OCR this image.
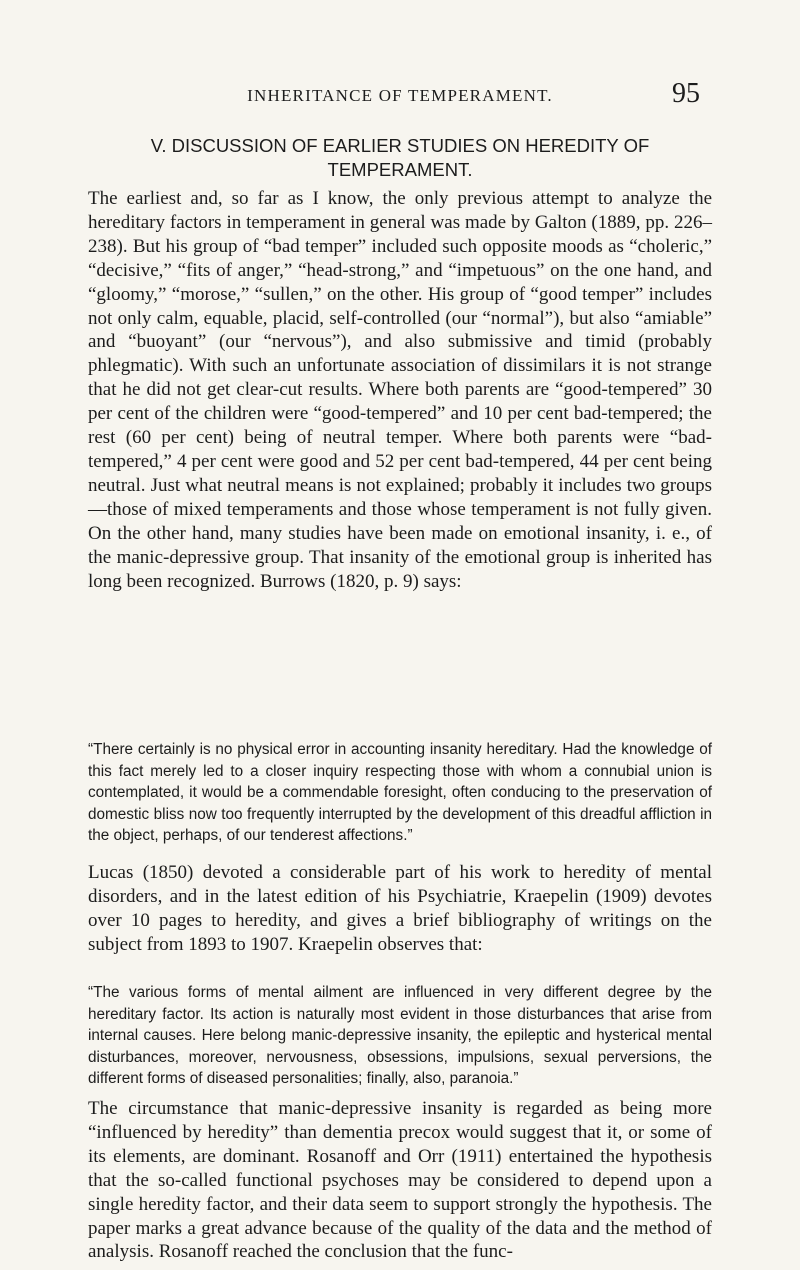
INHERITANCE OF TEMPERAMENT.	95
V. DISCUSSION OF EARLIER STUDIES ON HEREDITY OF
TEMPERAMENT.

The earliest and, so far as I know, the only previous attempt to analyze the hereditary factors in temperament in general was made by Galton (1889, pp. 226–238). But his group of “bad temper” included such opposite moods as “choleric,” “decisive,” “fits of anger,” “head-strong,” and “impetuous” on the one hand, and “gloomy,” “morose,” “sullen,” on the other. His group of “good temper” includes not only calm, equable, placid, self-controlled (our “normal”), but also “amiable” and “buoyant” (our “nervous”), and also submissive and timid (probably phlegmatic). With such an unfortunate association of dissimilars it is not strange that he did not get clear-cut results. Where both parents are “good-tempered” 30 per cent of the children were “good-tempered” and 10 per cent bad-tempered; the rest (60 per cent) being of neutral temper. Where both parents were “bad-tempered,” 4 per cent were good and 52 per cent bad-tempered, 44 per cent being neutral. Just what neutral means is not explained; probably it includes two groups—those of mixed temperaments and those whose temperament is not fully given. On the other hand, many studies have been made on emotional insanity, i. e., of the manic-depressive group. That insanity of the emotional group is inherited has long been recognized. Burrows (1820, p. 9) says:

“There certainly is no physical error in accounting insanity hereditary. Had the knowledge of this fact merely led to a closer inquiry respecting those with whom a connubial union is contemplated, it would be a commendable foresight, often conducing to the preservation of domestic bliss now too frequently interrupted by the development of this dreadful affliction in the object, perhaps, of our tenderest affections.”

Lucas (1850) devoted a considerable part of his work to heredity of mental disorders, and in the latest edition of his Psychiatrie, Kraepelin (1909) devotes over 10 pages to heredity, and gives a brief bibliography of writings on the subject from 1893 to 1907. Kraepelin observes that:

“The various forms of mental ailment are influenced in very different degree by the hereditary factor. Its action is naturally most evident in those disturbances that arise from internal causes. Here belong manic-depressive insanity, the epileptic and hysterical mental disturbances, moreover, nervousness, obsessions, impulsions, sexual perversions, the different forms of diseased personalities; finally, also, paranoia.”

The circumstance that manic-depressive insanity is regarded as being more “influenced by heredity” than dementia precox would suggest that it, or some of its elements, are dominant. Rosanoff and Orr (1911) entertained the hypothesis that the so-called functional psychoses may be considered to depend upon a single heredity factor, and their data seem to support strongly the hypothesis. The paper marks a great advance because of the quality of the data and the method of analysis. Rosanoff reached the conclusion that the func-
